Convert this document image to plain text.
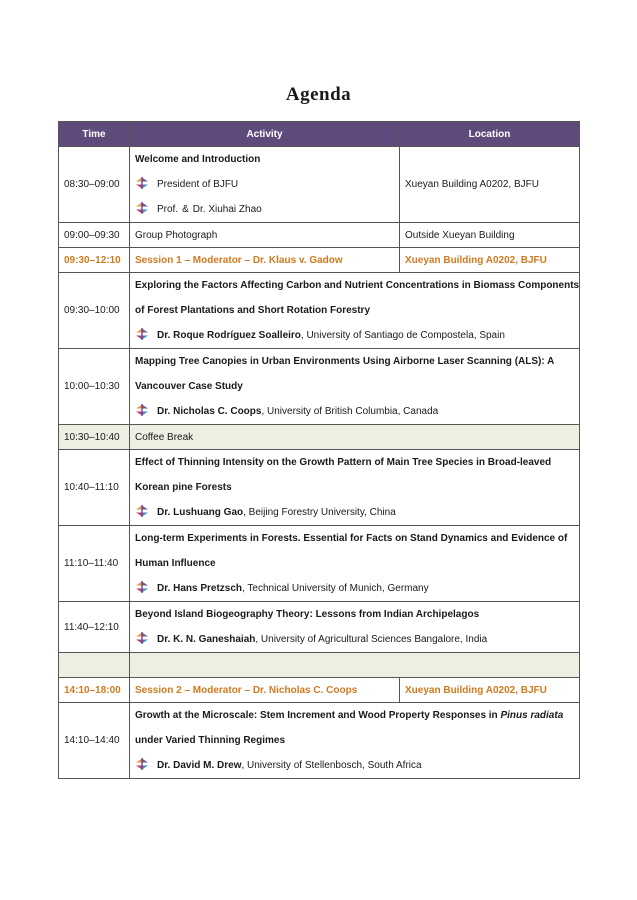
Agenda
Time	Activity	Location
08:30–09:00	Welcome and Introduction
President of BJFU
Prof. & Dr. Xiuhai Zhao	Xueyan Building A0202, BJFU
09:00–09:30	Group Photograph	Outside Xueyan Building
09:30–12:10	Session 1 – Moderator – Dr. Klaus v. Gadow	Xueyan Building A0202, BJFU
09:30–10:00	Exploring the Factors Affecting Carbon and Nutrient Concentrations in Biomass Components
of Forest Plantations and Short Rotation Forestry
Dr. Roque Rodríguez Soalleiro, University of Santiago de Compostela, Spain	

10:00–10:30	Mapping Tree Canopies in Urban Environments Using Airborne Laser Scanning (ALS): A
Vancouver Case Study
Dr. Nicholas C. Coops, University of British Columbia, Canada	

10:30–10:40	Coffee Break	
10:40–11:10	Effect of Thinning Intensity on the Growth Pattern of Main Tree Species in Broad-leaved
Korean pine Forests
Dr. Lushuang Gao, Beijing Forestry University, China	

11:10–11:40	Long-term Experiments in Forests. Essential for Facts on Stand Dynamics and Evidence of
Human Influence
Dr. Hans Pretzsch, Technical University of Munich, Germany	

11:40–12:10	Beyond Island Biogeography Theory: Lessons from Indian Archipelagos
Dr. K. N. Ganeshaiah, University of Agricultural Sciences Bangalore, India	

14:10–18:00	Session 2 – Moderator – Dr. Nicholas C. Coops	Xueyan Building A0202, BJFU
14:10–14:40	Growth at the Microscale: Stem Increment and Wood Property Responses in Pinus radiata
under Varied Thinning Regimes
Dr. David M. Drew, University of Stellenbosch, South Africa	
